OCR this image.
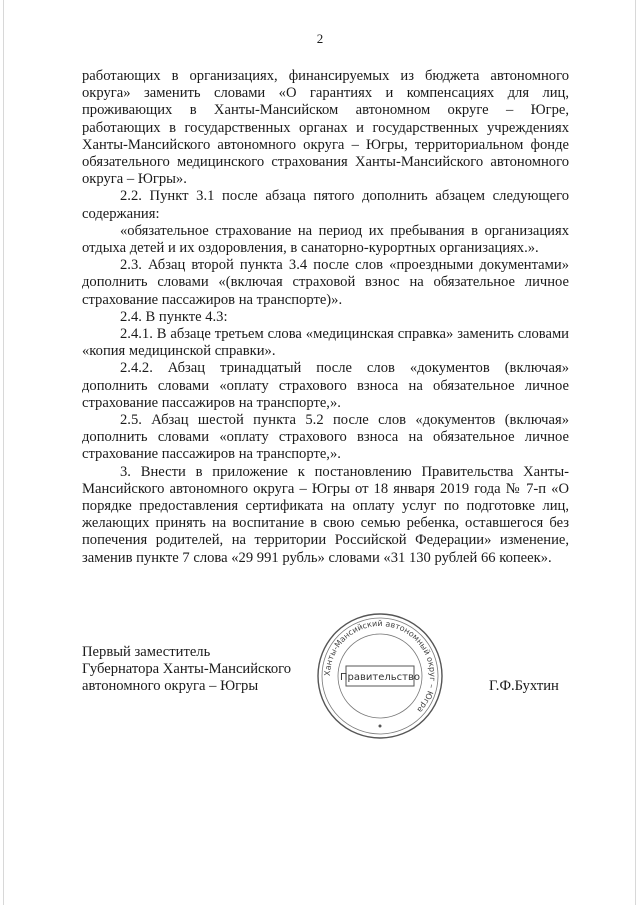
2

работающих в организациях, финансируемых из бюджета автономного округа» заменить словами «О гарантиях и компенсациях для лиц, проживающих в Ханты-Мансийском автономном округе – Югре, работающих в государственных органах и государственных учреждениях Ханты-Мансийского автономного округа – Югры, территориальном фонде обязательного медицинского страхования Ханты-Мансийского автономного округа – Югры».

2.2. Пункт 3.1 после абзаца пятого дополнить абзацем следующего содержания:

«обязательное страхование на период их пребывания в организациях отдыха детей и их оздоровления, в санаторно-курортных организациях.».

2.3. Абзац второй пункта 3.4 после слов «проездными документами» дополнить словами «(включая страховой взнос на обязательное личное страхование пассажиров на транспорте)».

2.4. В пункте 4.3:

2.4.1. В абзаце третьем слова «медицинская справка» заменить словами «копия медицинской справки».

2.4.2. Абзац тринадцатый после слов «документов (включая» дополнить словами «оплату страхового взноса на обязательное личное страхование пассажиров на транспорте,».

2.5. Абзац шестой пункта 5.2 после слов «документов (включая» дополнить словами «оплату страхового взноса на обязательное личное страхование пассажиров на транспорте,».

3. Внести в приложение к постановлению Правительства Ханты-Мансийского автономного округа – Югры от 18 января 2019 года № 7-п «О порядке предоставления сертификата на оплату услуг по подготовке лиц, желающих принять на воспитание в свою семью ребенка, оставшегося без попечения родителей, на территории Российской Федерации» изменение, заменив пункте 7 слова «29 991 рубль» словами «31 130 рублей 66 копеек».

Первый заместитель
Губернатора Ханты-Мансийского
автономного округа – Югры
Ханты-Мансийский автономный округ – Югра
Правительство
Г.Ф.Бухтин
